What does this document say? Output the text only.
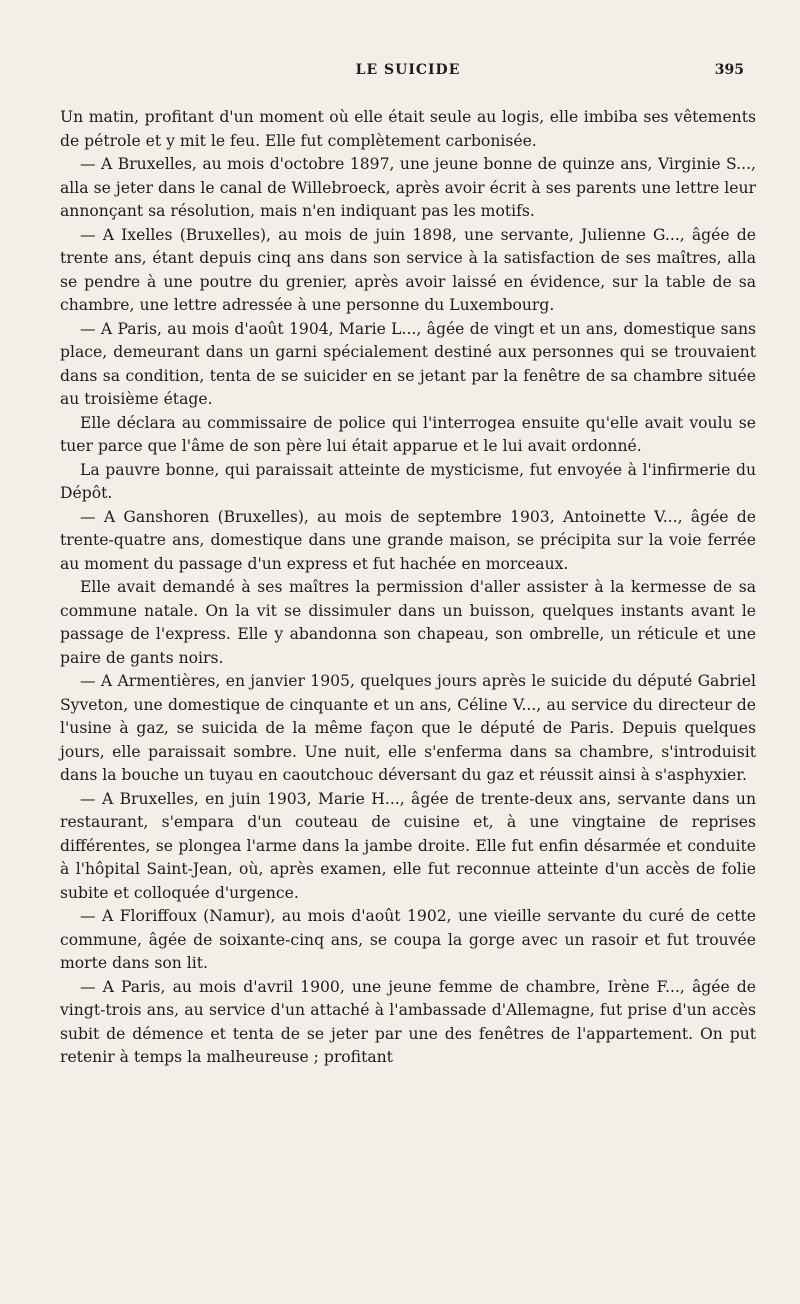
LE SUICIDE	395

Un matin, profitant d'un moment où elle était seule au logis, elle imbiba ses vêtements de pétrole et y mit le feu. Elle fut complètement carbonisée.

— A Bruxelles, au mois d'octobre 1897, une jeune bonne de quinze ans, Virginie S..., alla se jeter dans le canal de Willebroeck, après avoir écrit à ses parents une lettre leur annonçant sa résolution, mais n'en indiquant pas les motifs.

— A Ixelles (Bruxelles), au mois de juin 1898, une servante, Julienne G..., âgée de trente ans, étant depuis cinq ans dans son service à la satisfaction de ses maîtres, alla se pendre à une poutre du grenier, après avoir laissé en évidence, sur la table de sa chambre, une lettre adressée à une personne du Luxembourg.

— A Paris, au mois d'août 1904, Marie L..., âgée de vingt et un ans, domestique sans place, demeurant dans un garni spécialement destiné aux personnes qui se trouvaient dans sa condition, tenta de se suicider en se jetant par la fenêtre de sa chambre située au troisième étage.

Elle déclara au commissaire de police qui l'interrogea ensuite qu'elle avait voulu se tuer parce que l'âme de son père lui était apparue et le lui avait ordonné.

La pauvre bonne, qui paraissait atteinte de mysticisme, fut envoyée à l'infirmerie du Dépôt.

— A Ganshoren (Bruxelles), au mois de septembre 1903, Antoinette V..., âgée de trente-quatre ans, domestique dans une grande maison, se précipita sur la voie ferrée au moment du passage d'un express et fut hachée en morceaux.

Elle avait demandé à ses maîtres la permission d'aller assister à la kermesse de sa commune natale. On la vit se dissimuler dans un buisson, quelques instants avant le passage de l'express. Elle y abandonna son chapeau, son ombrelle, un réticule et une paire de gants noirs.

— A Armentières, en janvier 1905, quelques jours après le suicide du député Gabriel Syveton, une domestique de cinquante et un ans, Céline V..., au service du directeur de l'usine à gaz, se suicida de la même façon que le député de Paris. Depuis quelques jours, elle paraissait sombre. Une nuit, elle s'enferma dans sa chambre, s'introduisit dans la bouche un tuyau en caoutchouc déversant du gaz et réussit ainsi à s'asphyxier.

— A Bruxelles, en juin 1903, Marie H..., âgée de trente-deux ans, servante dans un restaurant, s'empara d'un couteau de cuisine et, à une vingtaine de reprises différentes, se plongea l'arme dans la jambe droite. Elle fut enfin désarmée et conduite à l'hôpital Saint-Jean, où, après examen, elle fut reconnue atteinte d'un accès de folie subite et colloquée d'urgence.

— A Floriffoux (Namur), au mois d'août 1902, une vieille servante du curé de cette commune, âgée de soixante-cinq ans, se coupa la gorge avec un rasoir et fut trouvée morte dans son lit.

— A Paris, au mois d'avril 1900, une jeune femme de chambre, Irène F..., âgée de vingt-trois ans, au service d'un attaché à l'ambassade d'Allemagne, fut prise d'un accès subit de démence et tenta de se jeter par une des fenêtres de l'appartement. On put retenir à temps la malheureuse ; profitant
